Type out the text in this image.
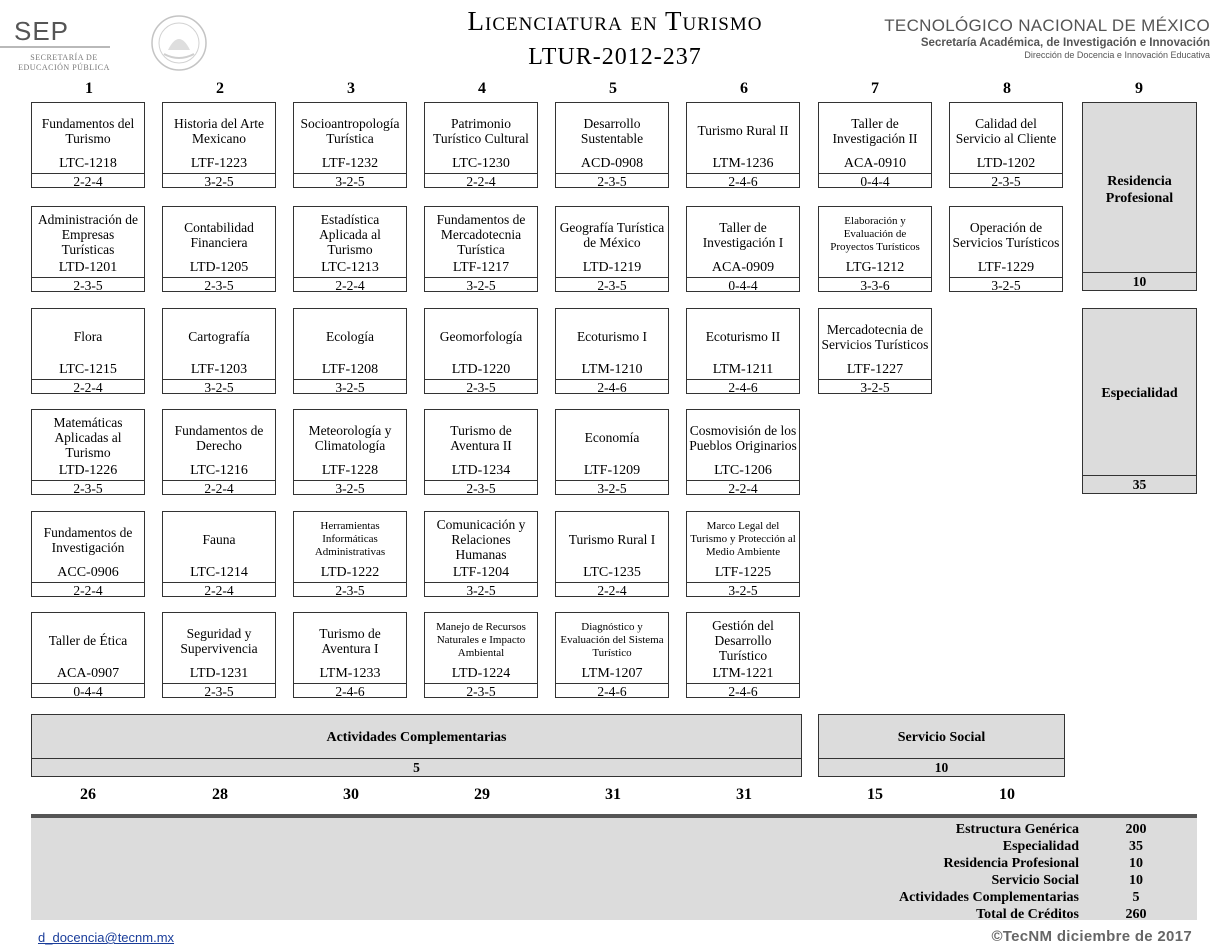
SEP
SECRETARÍA DE
EDUCACIÓN PÚBLICA
Licenciatura en Turismo
LTUR-2012-237
TECNOLÓGICO NACIONAL DE MÉXICO
Secretaría Académica, de Investigación e Innovación
Dirección de Docencia e Innovación Educativa
1	2	3	4	5	6	7	8	9
Fundamentos del Turismo
LTC-1218
2-2-4
Administración de Empresas Turísticas
LTD-1201
2-3-5
Flora
LTC-1215
2-2-4
Matemáticas Aplicadas al Turismo
LTD-1226
2-3-5
Fundamentos de Investigación
ACC-0906
2-2-4
Taller de Ética
ACA-0907
0-4-4
Historia del Arte Mexicano
LTF-1223
3-2-5
Contabilidad Financiera
LTD-1205
2-3-5
Cartografía
LTF-1203
3-2-5
Fundamentos de Derecho
LTC-1216
2-2-4
Fauna
LTC-1214
2-2-4
Seguridad y Supervivencia
LTD-1231
2-3-5
Socioantropología Turística
LTF-1232
3-2-5
Estadística Aplicada al Turismo
LTC-1213
2-2-4
Ecología
LTF-1208
3-2-5
Meteorología y Climatología
LTF-1228
3-2-5
Herramientas Informáticas Administrativas
LTD-1222
2-3-5
Turismo de Aventura I
LTM-1233
2-4-6
Patrimonio Turístico Cultural
LTC-1230
2-2-4
Fundamentos de Mercadotecnia Turística
LTF-1217
3-2-5
Geomorfología
LTD-1220
2-3-5
Turismo de Aventura II
LTD-1234
2-3-5
Comunicación y Relaciones Humanas
LTF-1204
3-2-5
Manejo de Recursos Naturales e Impacto Ambiental
LTD-1224
2-3-5
Desarrollo Sustentable
ACD-0908
2-3-5
Geografía Turística de México
LTD-1219
2-3-5
Ecoturismo I
LTM-1210
2-4-6
Economía
LTF-1209
3-2-5
Turismo Rural I
LTC-1235
2-2-4
Diagnóstico y Evaluación del Sistema Turístico
LTM-1207
2-4-6
Turismo Rural II
LTM-1236
2-4-6
Taller de Investigación I
ACA-0909
0-4-4
Ecoturismo II
LTM-1211
2-4-6
Cosmovisión de los Pueblos Originarios
LTC-1206
2-2-4
Marco Legal del Turismo y Protección al Medio Ambiente
LTF-1225
3-2-5
Gestión del Desarrollo Turístico
LTM-1221
2-4-6
Taller de Investigación II
ACA-0910
0-4-4
Elaboración y Evaluación de Proyectos Turísticos
LTG-1212
3-3-6
Mercadotecnia de Servicios Turísticos
LTF-1227
3-2-5
Calidad del Servicio al Cliente
LTD-1202
2-3-5
Operación de Servicios Turísticos
LTF-1229
3-2-5
Residencia Profesional
10
Especialidad
35
Actividades Complementarias
5
Servicio Social
10
26	28	30	29	31	31	15	10
Estructura Genérica	200
Especialidad	35
Residencia Profesional	10
Servicio Social	10
Actividades Complementarias	5
Total de Créditos	260
d_docencia@tecnm.mx	©TecNM diciembre de 2017
